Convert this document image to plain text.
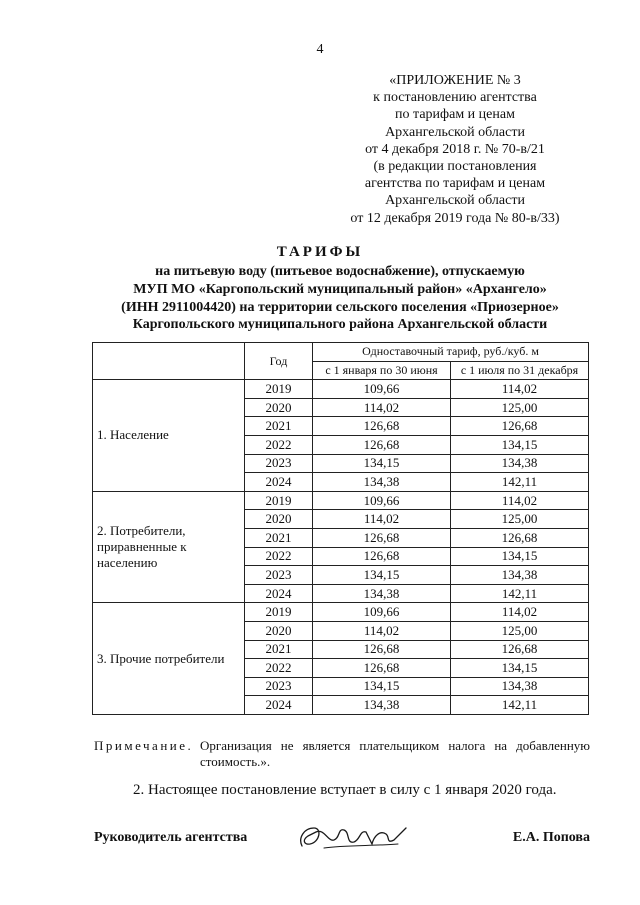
4
«ПРИЛОЖЕНИЕ № 3
к постановлению агентства
по тарифам и ценам
Архангельской области
от 4 декабря 2018 г. № 70-в/21
(в редакции постановления
агентства по тарифам и ценам
Архангельской области
от 12 декабря 2019 года № 80-в/33)
ТАРИФЫ
на питьевую воду (питьевое водоснабжение), отпускаемую
МУП МО «Каргопольский муниципальный район» «Архангело»
(ИНН 2911004420) на территории сельского поселения «Приозерное»
Каргопольского муниципального района Архангельской области
	Год	Одноставочный тариф, руб./куб. м	
		с 1 января по 30 июня	с 1 июля по 31 декабря
1. Население	2019	109,66	114,02
	2020	114,02	125,00
	2021	126,68	126,68
	2022	126,68	134,15
	2023	134,15	134,38
	2024	134,38	142,11
2. Потребители, приравненные к населению	2019	109,66	114,02
	2020	114,02	125,00
	2021	126,68	126,68
	2022	126,68	134,15
	2023	134,15	134,38
	2024	134,38	142,11
3. Прочие потребители	2019	109,66	114,02
	2020	114,02	125,00
	2021	126,68	126,68
	2022	126,68	134,15
	2023	134,15	134,38
	2024	134,38	142,11
Примечание. Организация не является плательщиком налога на добавленную стоимость.».
2. Настоящее постановление вступает в силу с 1 января 2020 года.
Руководитель агентства	Е.А. Попова
